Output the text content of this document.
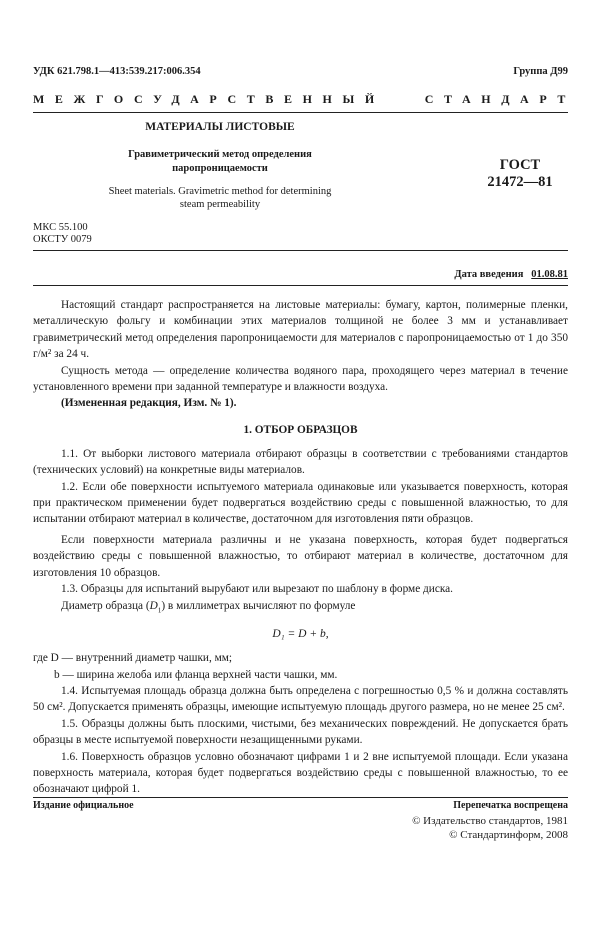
УДК 621.798.1—413:539.217:006.354	Группа Д99
МЕЖГОСУДАРСТВЕННЫЙ	СТАНДАРТ
МАТЕРИАЛЫ ЛИСТОВЫЕ
Гравиметрический метод определения
паропроницаемости
Sheet materials. Gravimetric method for determining
steam permeability
ГОСТ
21472—81
МКС 55.100
ОКСТУ 0079
Дата введения 01.08.81

Настоящий стандарт распространяется на листовые материалы: бумагу, картон, полимерные пленки, металлическую фольгу и комбинации этих материалов толщиной не более 3 мм и устанавливает гравиметрический метод определения паропроницаемости для материалов с паропроницаемостью от 1 до 350 г/м² за 24 ч.

Сущность метода — определение количества водяного пара, проходящего через материал в течение установленного времени при заданной температуре и влажности воздуха.

(Измененная редакция, Изм. № 1).

1. ОТБОР ОБРАЗЦОВ

1.1. От выборки листового материала отбирают образцы в соответствии с требованиями стандартов (технических условий) на конкретные виды материалов.

1.2. Если обе поверхности испытуемого материала одинаковые или указывается поверхность, которая при практическом применении будет подвергаться воздействию среды с повышенной влажностью, то для испытании отбирают материал в количестве, достаточном для изготовления пяти образцов.

Если поверхности материала различны и не указана поверхность, которая будет подвергаться воздействию среды с повышенной влажностью, то отбирают материал в количестве, достаточном для изготовления 10 образцов.

1.3. Образцы для испытаний вырубают или вырезают по шаблону в форме диска.

Диаметр образца $(D_1)$ в миллиметрах вычисляют по формуле

D₁ = D + b,

где D — внутренний диаметр чашки, мм;

b — ширина желоба или фланца верхней части чашки, мм.

1.4. Испытуемая площадь образца должна быть определена с погрешностью 0,5 % и должна составлять 50 см². Допускается применять образцы, имеющие испытуемую площадь другого размера, но не менее 25 см².

1.5. Образцы должны быть плоскими, чистыми, без механических повреждений. Не допускается брать образцы в месте испытуемой поверхности незащищенными руками.

1.6. Поверхность образцов условно обозначают цифрами 1 и 2 вне испытуемой площади. Если указана поверхность материала, которая будет подвергаться воздействию среды с повышенной влажностью, то ее обозначают цифрой 1.

Издание официальное	Перепечатка воспрещена
© Издательство стандартов, 1981
© Стандартинформ, 2008
